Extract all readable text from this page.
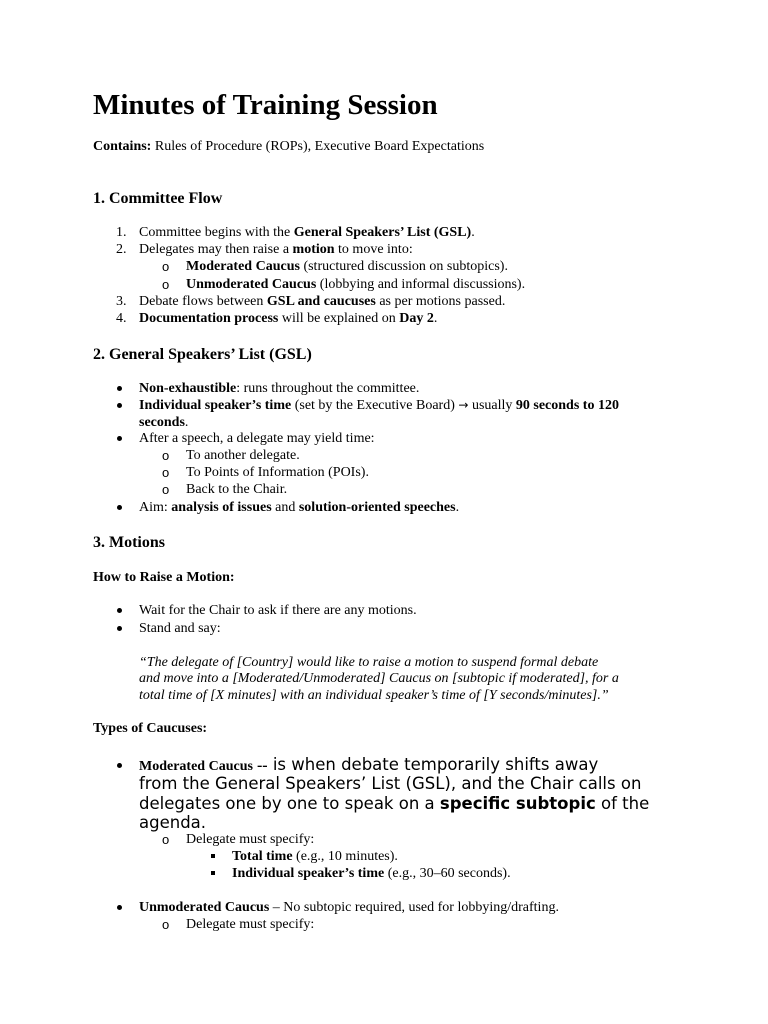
Minutes of Training Session
Contains: Rules of Procedure (ROPs), Executive Board Expectations
1. Committee Flow
1. Committee begins with the General Speakers’ List (GSL).
2. Delegates may then raise a motion to move into:
o Moderated Caucus (structured discussion on subtopics).
o Unmoderated Caucus (lobbying and informal discussions).
3. Debate flows between GSL and caucuses as per motions passed.
4. Documentation process will be explained on Day 2.
2. General Speakers’ List (GSL)
Non-exhaustible: runs throughout the committee.
Individual speaker’s time (set by the Executive Board) → usually 90 seconds to 120
seconds.
After a speech, a delegate may yield time:
o To another delegate.
o To Points of Information (POIs).
o Back to the Chair.
Aim: analysis of issues and solution-oriented speeches.
3. Motions
How to Raise a Motion:
Wait for the Chair to ask if there are any motions.
Stand and say:
“The delegate of [Country] would like to raise a motion to suspend formal debate
and move into a [Moderated/Unmoderated] Caucus on [subtopic if moderated], for a
total time of [X minutes] with an individual speaker’s time of [Y seconds/minutes].”
Types of Caucuses:
Moderated Caucus -- is when debate temporarily shifts away
from the General Speakers’ List (GSL), and the Chair calls on
delegates one by one to speak on a specific subtopic of the
agenda.
o Delegate must specify:
Total time (e.g., 10 minutes).
Individual speaker’s time (e.g., 30–60 seconds).
Unmoderated Caucus – No subtopic required, used for lobbying/drafting.
o Delegate must specify:
